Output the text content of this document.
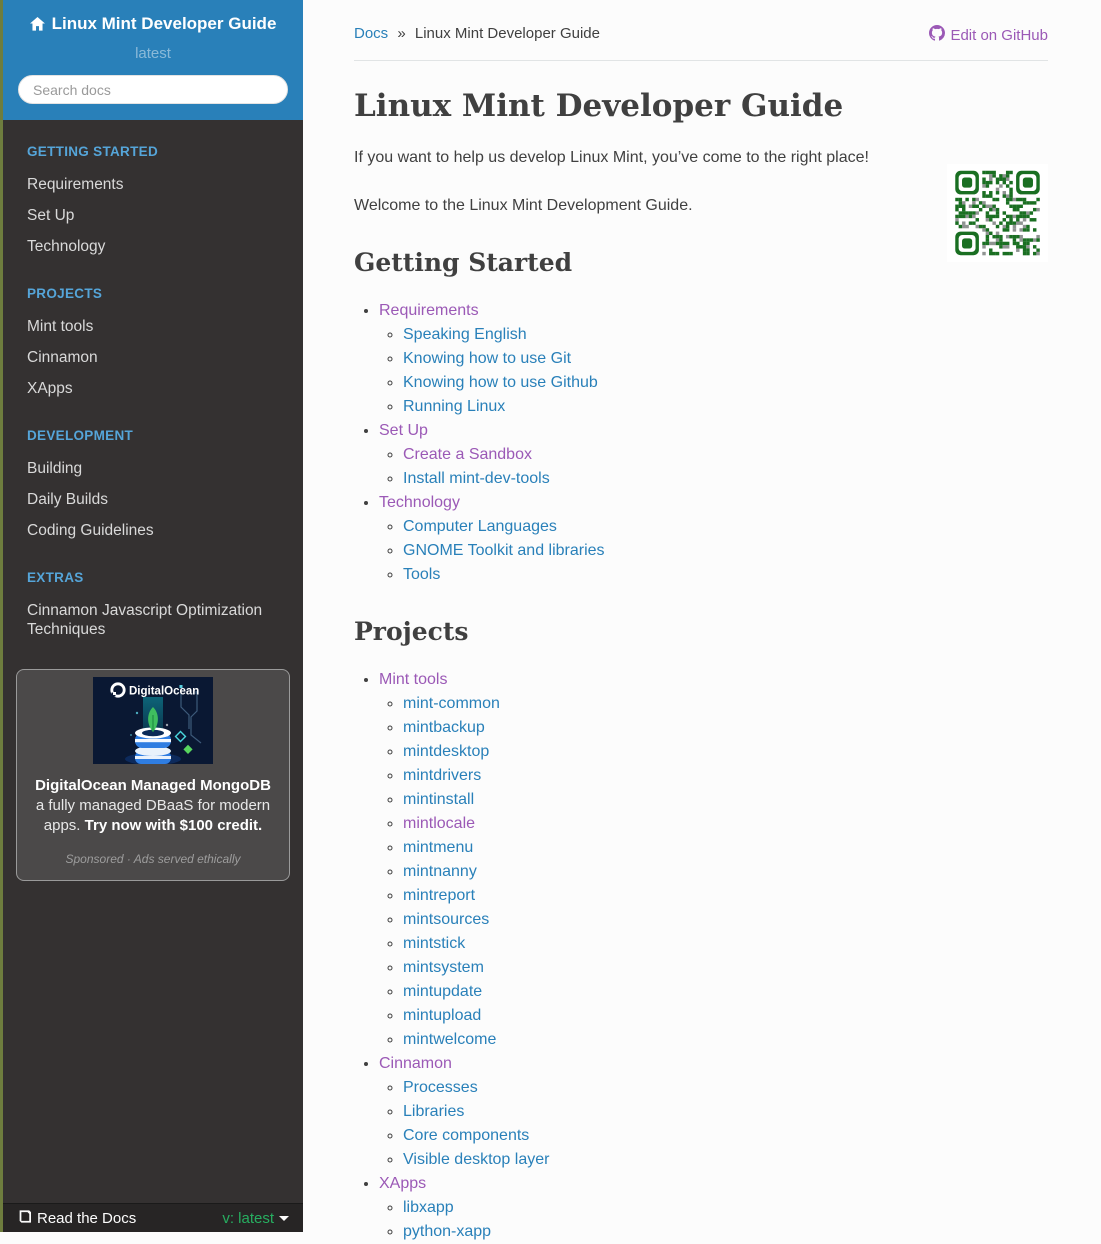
Linux Mint Developer Guide
latest
Search docs

GETTING STARTED

Requirements
Set Up
Technology

PROJECTS

Mint tools
Cinnamon
XApps

DEVELOPMENT

Building
Daily Builds
Coding Guidelines

EXTRAS

Cinnamon Javascript Optimization Techniques
DigitalOcean

DigitalOcean Managed MongoDB a fully managed DBaaS for modern apps. Try now with $100 credit.

Sponsored · Ads served ethically

Read the Docs	v: latest
Docs » Linux Mint Developer Guide	Edit on GitHub
Linux Mint Developer Guide

If you want to help us develop Linux Mint, you’ve come to the right place!

Welcome to the Linux Mint Development Guide.

Getting Started
• Requirements
◦ Speaking English
◦ Knowing how to use Git
◦ Knowing how to use Github
◦ Running Linux
• Set Up
◦ Create a Sandbox
◦ Install mint-dev-tools
• Technology
◦ Computer Languages
◦ GNOME Toolkit and libraries
◦ Tools
Projects
• Mint tools
◦ mint-common
◦ mintbackup
◦ mintdesktop
◦ mintdrivers
◦ mintinstall
◦ mintlocale
◦ mintmenu
◦ mintnanny
◦ mintreport
◦ mintsources
◦ mintstick
◦ mintsystem
◦ mintupdate
◦ mintupload
◦ mintwelcome
• Cinnamon
◦ Processes
◦ Libraries
◦ Core components
◦ Visible desktop layer
• XApps
◦ libxapp
◦ python-xapp
